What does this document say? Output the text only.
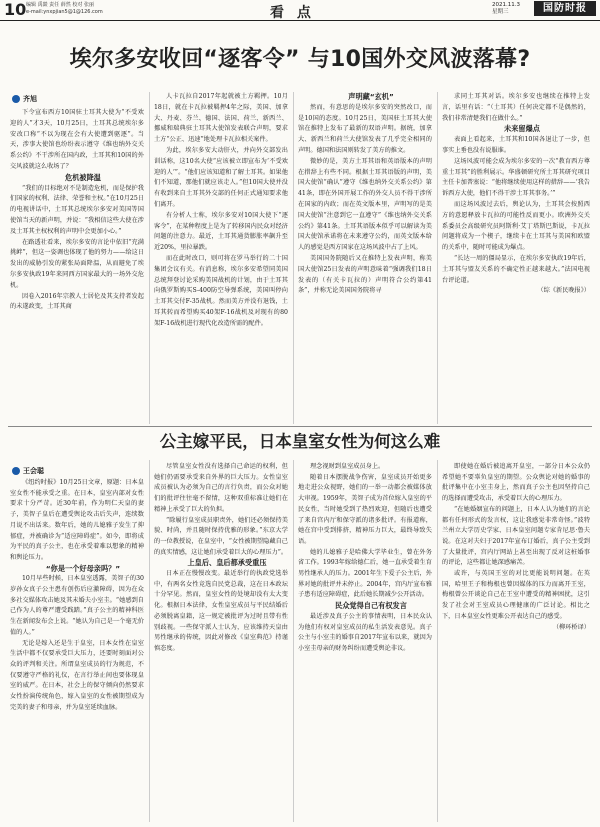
10 编辑 禹燚 责任 薛然 校对 张丽
e-mail:ynxpjian5@1@126.com	看 点	2021.11.3
星期三	国防时报
埃尔多安收回“逐客令” 与10国外交风波落幕?
齐旭

下令宣布西方10国驻土耳其大使为“不受欢迎的人”才3天，10月25日，土耳其总统埃尔多安改口称“不以为现在会有大使遭到驱逐”。当天，涉事大使馆也纷纷表示遵守《维也纳外交关系公约》不干涉所在国内政，土耳其和10国的外交风波就这么收场了？

危机被降温

“我们的目标绝对不是制造危机，而是保护我们国家的权利、法律、荣誉和主权。”在10月25日的电视讲话中，土耳其总统埃尔多安对美国等国使馆当天的新声明，并说：“我相信这些大使在涉及土耳其主权权利的声明中会更加小心。”

在路透社看来，埃尔多安的言论中依旧“充满挑衅”，但这一姿调也体现了他的努力——给这日发出的威胁引发的紧张局面降温，从而避免了埃尔多安执政19年来同西方国家最大的一场外交危机。

因卷入2016年宗教人士居伦及其支持者发起的未遂政变，土耳其商

人卡瓦拉自2017年起就被土方羁押。10月18日，就在卡瓦拉被羁押4年之际，美国、加拿大、丹麦、芬兰、德国、法国、荷兰、新西兰、挪威和瑞典驻土耳其大使馆发表联合声明，要求土方“公正、迅速”地处理卡瓦拉相关案件。

为此，埃尔多安大动肝火，并向外交部发出训话称，这10名大使“应该被立即宣布为‘不受欢迎的人’”。“他们应该知道和了解土耳其。如果他们不知道，那他们就应该走人。”但10国大使并没有收到来自土耳其外交部的任何正式通知要求他们离开。

有分析人士称，埃尔多安对10国大使下“逐客令”，在某种程度上是为了转移国内民众对经济问题的注意力。最近，土耳其通货膨胀率飙升至近20%，里拉暴跌。

而在此时改口，则可将在罗马举行的二十国集团会议有关。有消息称，埃尔多安希望同美国总统拜登讨论采购美国战机的计划，由于土耳其向俄罗斯购买S-400防空导弹系统，美国叫停向土耳其交付F-35战机。然而美方并没有退钱，土耳其转而希望购买40架F-16战机及对现有的80架F-16战机进行现代化改造所需的配件。

声明藏“玄机”

然而，有意思的是埃尔多安的突然改口，而是10国的态度。10月25日，美国驻土耳其大使馆在推特上发布了最新的双语声明。据统，加拿大、新西兰和荷兰大使馆发表了几乎完全相同的声明。德国和法国则转发了美方的推文。

微妙的是，美方土耳其语和英语版本的声明在措辞上有些不同。根据土耳其语版的声明，美国大使馆“确认”遵守《维也纳外交关系公约》第41条，即在外国开展工作的外交人员不得干涉所在国家的内政；而在英文版本里，声明写的是美国大使馆“注意到它一直遵守”《维也纳外交关系公约》第41条。土耳其语版本似乎可以解读为美国大使馆承诺将在未来遵守公约，而英文版本给人的感觉是西方国家在这场风波中占了上风。

美国国务院随后又在推特上发表声明，称美国大使馆25日发表的声明意味着“强调我们18日发表的（有关卡瓦拉的）声明符合公约第41条”，并称无论美国国务院将寻

求同土耳其对话。埃尔多安也继续在推特上发言，话里有话：“（土耳其）任何决定都不是偶然的，我们非常清楚我们在做什么。”

未来留爆点

表面上看起来，土耳其和10国各退让了一步，但事实上垂也没有说服谁。

这场风波可能会成为埃尔多安的一次“教育西方尊重土耳其”的胜利展示。华盛顿研究所土耳其研究项目主任卡加普塞说：“他将继续使用这样的措辞——‘我告诉西方大使，他们不得干涉土耳其事务。’”

而这场风波过去后，舆论认为，土耳其会按照西方的意愿释放卡瓦拉的可能性反而更小。欧洲外交关系委员会高级研究员阿斯利·艾丁塔斯巴斯说，卡瓦拉问题将成为一个楔子，继续卡在土耳其与美国和欧盟的关系中，随时可能成为爆点。

“长达一周的僵局显示，在埃尔多安执政19年后，土耳其与盟友关系的不确定性正越来越大。”法国电视台评论道。

（综《新民晚报》）

公主嫁平民，日本皇室女性为何这么难
王会聪

《纽约时报》10月25日文章，原题：日本皇室女性不能承受之重。在日本，皇室内部对女性要求十分严苛。近30年前，作为明仁天皇的妻子，美智子皇后在遭受舆论攻击后失声，连续数月说不出话来。数年后，她的儿媳雅子发生了抑郁症，并被确诊为“适应障碍症”。如今，即将成为平民的真子公主，也在承受着难以想象的精神和舆论压力。

“你是一个好母亲吗？”

10月早些时候，日本皇室透露，美智子的30岁孙女真子公主患有创伤后应激障碍，因为在众多社交媒体攻击她及其未婚夫小室圭。“她感到自己作为人的尊严遭受践踏。”真子公主的精神科医生在新闻发布会上说。“她认为自己是一个毫无价值的人。”

无论是嫁入还是生于皇室，日本女性在皇室生活中都不仅要承受巨大压力，还要时刻面对公众的评判和关注。所谓皇室成员的行为规范，不仅要遵守严格的礼仪，在言行举止间也要体现皇室的威严。在日本，社会上的保守倾向仍然要求女性扮演传统角色，嫁入皇室的女性被期望成为完美的妻子和母亲，并为皇室延续血脉。

尽管皇室女性没有选择自己命运的权利，但她们仍需要承受来自外界的巨大压力。女性皇室成员被认为必须为自己的言行负责，而公众对她们的批评往往毫不留情，这种双重标准让她们在精神上承受了巨大的负担。

“除履行皇室成员职责外，她们还必须保持美貌、时尚，并且随时保持优雅的形象。”东京大学的一位教授说，在皇室中，“女性被期望隐藏自己的真实情感，这让她们承受着巨大的心理压力”。

上皇后、皇后都承受重压

日本正在慢慢改变。最近举行的执政党选举中，有两名女性竞选自民党总裁，这在日本政坛十分罕见。然而，皇室女性的处境却没有太大变化。根据日本法律，女性皇室成员与平民结婚后必须脱离皇籍，这一规定被批评为过时且带有性别歧视。一些保守派人士认为，应该维持天皇由男性继承的传统，因此对修改《皇室典范》持谨慎态度。

理念视财到皇室成员身上。

随着日本摆脱战争伤害，皇室成员开始更多地走进公众视野，她们的一举一动都会被媒体放大审视。1959年，美智子成为首位嫁入皇室的平民女性，当时她受到了热烈欢迎，但随后也遭受了来自宫内厅和保守派的诸多批评。有报道称，她在宫中受到排挤，精神压力巨大，最终导致失语。

她的儿媳雅子是哈佛大学毕业生，曾在外务省工作。1993年嫁给德仁后，她一直承受着生育男性继承人的压力。2001年生下爱子公主后，外界对她的批评并未停止。2004年，宫内厅宣布雅子患有适应障碍症，此后她长期减少公开活动。

民众觉得自己有权发言

最近涉及真子公主的事情表明，日本民众认为他们有权对皇室成员的私生活发表意见。真子公主与小室圭的婚事自2017年宣布以来，就因为小室圭母亲的财务纠纷而遭受舆论非议。

即使她在婚后被追离开皇室，一部分日本公众仍希望她不要辜负皇室的期望。公众舆论对她的婚事的批评集中在小室圭身上，然而真子公主也因坚持自己的选择而遭受攻击，承受着巨大的心理压力。

“在她婚姻宣布的问题上，日本人认为她们的言论都有任何形式的发言权，这让我感觉非常奇怪。”波特兰州立大学历史学家、日本皇室问题专家肯尼思·鲁夫说。在这对夫妇于2017年宣布订婚后，真子公主受到了大量批评，宫内厅网站上甚至出现了反对这桩婚事的评论，这些都让她深感痛苦。

或许，与英国王室的对比更能说明问题。在英国，哈里王子和梅根也曾因媒体的压力而离开王室，梅根曾公开谈论自己在王室中遭受的精神困扰，这引发了社会对王室成员心理健康的广泛讨论。相比之下，日本皇室女性更难公开表达自己的感受。

（柳环桥译）
